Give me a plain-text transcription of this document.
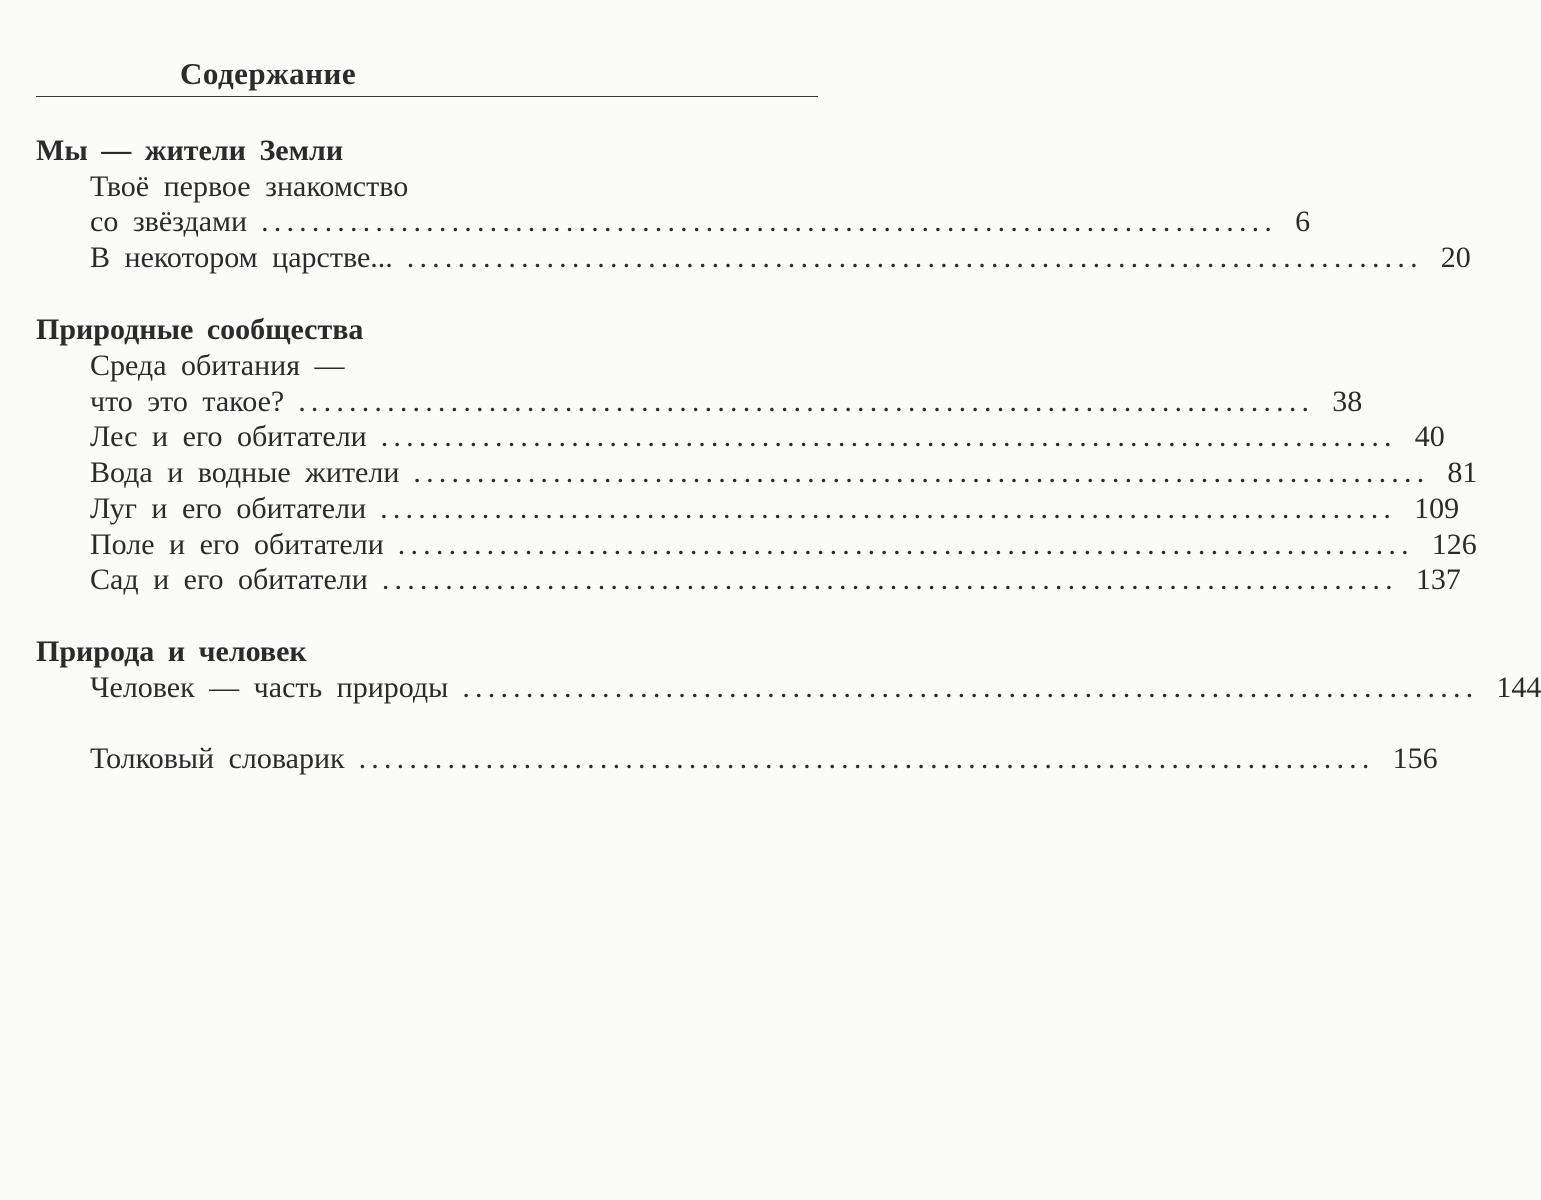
Содержание
Мы — жители Земли
Твоё первое знакомство
со звёздами ................................................................................ 6
В некотором царстве... ................................................................................ 20
Природные сообщества
Среда обитания —
что это такое? ................................................................................ 38
Лес и его обитатели ................................................................................ 40
Вода и водные жители ................................................................................ 81
Луг и его обитатели ................................................................................ 109
Поле и его обитатели ................................................................................ 126
Сад и его обитатели ................................................................................ 137
Природа и человек
Человек — часть природы ................................................................................ 144
Толковый словарик ................................................................................ 156
